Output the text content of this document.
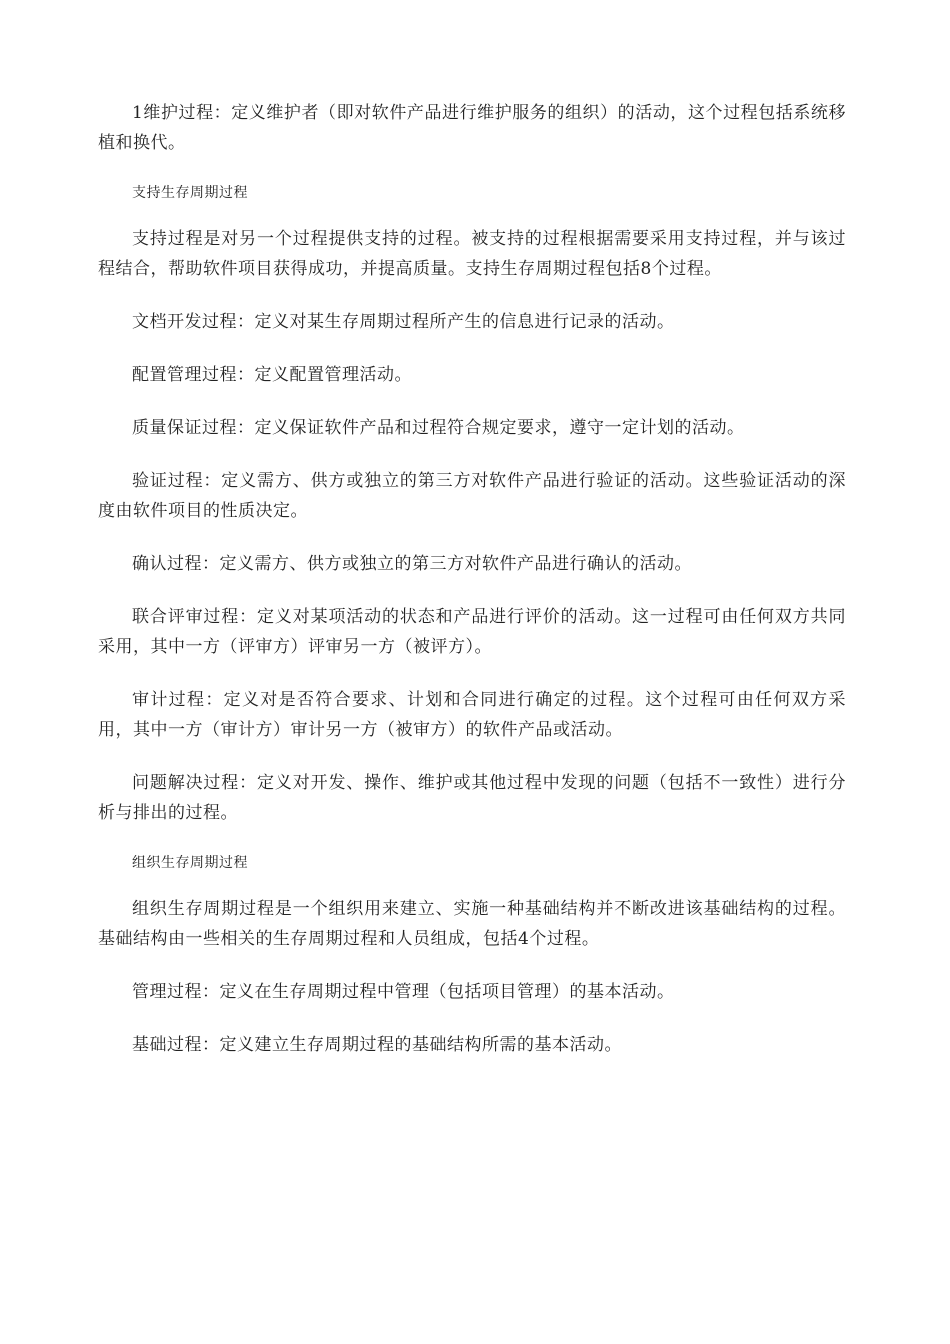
1维护过程：定义维护者（即对软件产品进行维护服务的组织）的活动，这个过程包括系统移植和换代。

支持生存周期过程

支持过程是对另一个过程提供支持的过程。被支持的过程根据需要采用支持过程，并与该过程结合，帮助软件项目获得成功，并提高质量。支持生存周期过程包括8个过程。

文档开发过程：定义对某生存周期过程所产生的信息进行记录的活动。

配置管理过程：定义配置管理活动。

质量保证过程：定义保证软件产品和过程符合规定要求，遵守一定计划的活动。

验证过程：定义需方、供方或独立的第三方对软件产品进行验证的活动。这些验证活动的深度由软件项目的性质决定。

确认过程：定义需方、供方或独立的第三方对软件产品进行确认的活动。

联合评审过程：定义对某项活动的状态和产品进行评价的活动。这一过程可由任何双方共同采用，其中一方（评审方）评审另一方（被评方）。

审计过程：定义对是否符合要求、计划和合同进行确定的过程。这个过程可由任何双方采用，其中一方（审计方）审计另一方（被审方）的软件产品或活动。

问题解决过程：定义对开发、操作、维护或其他过程中发现的问题（包括不一致性）进行分析与排出的过程。

组织生存周期过程

组织生存周期过程是一个组织用来建立、实施一种基础结构并不断改进该基础结构的过程。基础结构由一些相关的生存周期过程和人员组成，包括4个过程。

管理过程：定义在生存周期过程中管理（包括项目管理）的基本活动。

基础过程：定义建立生存周期过程的基础结构所需的基本活动。
